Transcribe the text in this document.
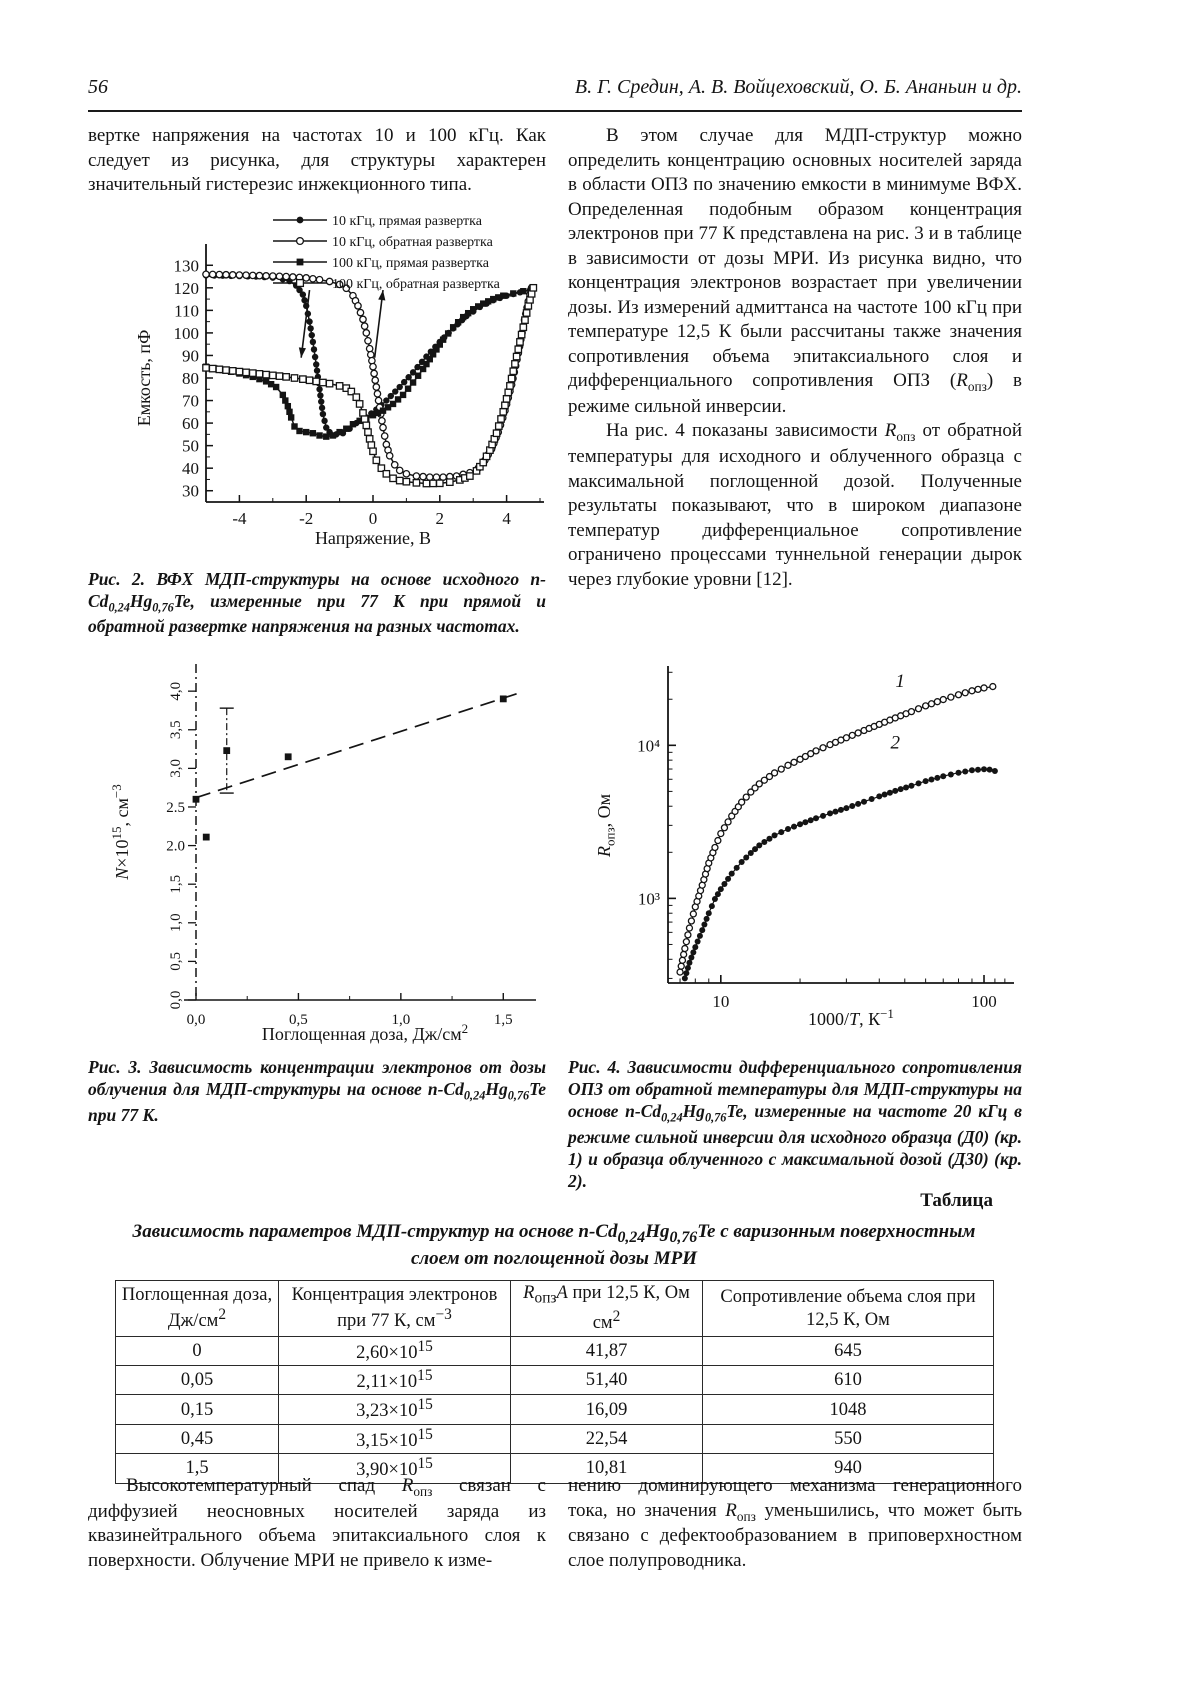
56	В. Г. Средин, А. В. Войцеховский, О. Б. Ананьин и др.

вертке напряжения на частотах 10 и 100 кГц. Как следует из рисунка, для структуры характерен значительный гистерезис инжекционного типа.

30
40
50
60
70
80
90
100
110
120
130
-4	-2	0	2	4
10 кГц, прямая развертка
10 кГц, обратная развертка
100 кГц, прямая развертка
100 кГц, обратная развертка
Напряжение, В
Емкость, пФ

Рис. 2. ВФХ МДП-структуры на основе исходного $n-Cd_{0,24}Hg_{0,76}Te$, измеренные при 77 К при прямой и обратной развертке напряжения на разных частотах.

В этом случае для МДП-структур можно определить концентрацию основных носителей заряда в области ОПЗ по значению емкости в минимуме ВФХ. Определенная подобным образом концентрация электронов при 77 К представлена на рис. 3 и в таблице в зависимости от дозы МРИ. Из рисунка видно, что концентрация электронов возрастает при увеличении дозы. Из измерений адмиттанса на частоте 100 кГц при температуре 12,5 К были рассчитаны также значения сопротивления объема эпитаксиального слоя и дифференциального сопротивления ОПЗ $(R_{опз})$ в режиме сильной инверсии.

На рис. 4 показаны зависимости $R_{опз}$ от обратной температуры для исходного и облученного образца с максимальной поглощенной дозой. Полученные результаты показывают, что в широком диапазоне температур дифференциальное сопротивление ограничено процессами туннельной генерации дырок через глубокие уровни [12].

0,0
0,5
1,0
1,5
2.0
2.5
3,0
3,5
4,0
0,0	0,5	1,0	1,5
$N\times 10^{15}$, $см^{-3}$
Поглощенная доза, $Дж/см^2$

Рис. 3. Зависимость концентрации электронов от дозы облучения для МДП-структуры на основе $n-Cd_{0,24}Hg_{0,76}Te$ при 77 К.

10³
10⁴
10	100
1
2
$R_{опз}$, Ом
1000/T, $К^{-1}$

Рис. 4. Зависимости дифференциального сопротивления ОПЗ от обратной температуры для МДП-структуры на основе $n-Cd_{0,24}Hg_{0,76}Te$, измеренные на частоте 20 кГц в режиме сильной инверсии для исходного образца (Д0) (кр. 1) и образца облученного с максимальной дозой (Д30) (кр. 2).

Таблица
Зависимость параметров МДП-структур на основе $n-Cd_{0,24}Hg_{0,76}Te$ с варизонным поверхностным слоем от поглощенной дозы МРИ
Поглощенная доза, $Дж/см^2$	Концентрация электронов при 77 К, $см^{-3}$	$R_{опз}A$ при 12,5 К, Ом $см^2$	Сопротивление объема слоя при 12,5 К, Ом
0	$2,60\times 10^{15}$	41,87	645
0,05	$2,11\times 10^{15}$	51,40	610
0,15	$3,23\times 10^{15}$	16,09	1048
0,45	$3,15\times 10^{15}$	22,54	550
1,5	$3,90\times 10^{15}$	10,81	940

Высокотемпературный спад $R_{опз}$ связан с диффузией неосновных носителей заряда из квазинейтрального объема эпитаксиального слоя к поверхности. Облучение МРИ не привело к изме-

нению доминирующего механизма генерационного тока, но значения $R_{опз}$ уменьшились, что может быть связано с дефектообразованием в приповерхностном слое полупроводника.
